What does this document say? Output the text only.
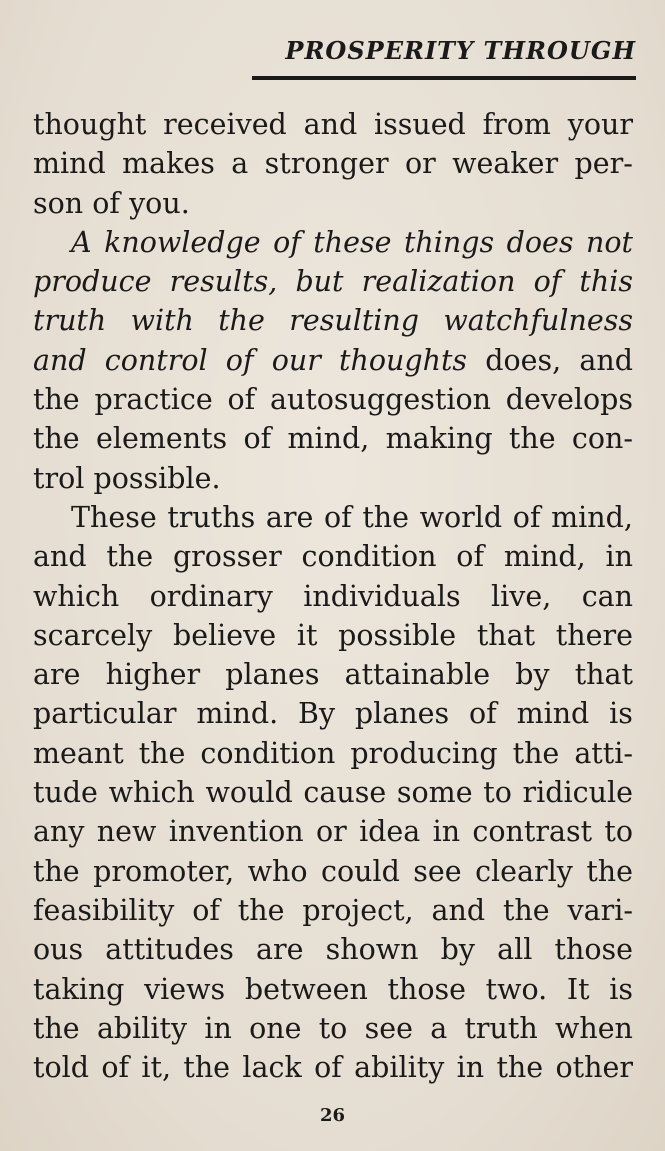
PROSPERITY THROUGH
thought received and issued from your
mind makes a stronger or weaker per-
son of you.
A knowledge of these things does not
produce results, but realization of this
truth with the resulting watchfulness
and control of our thoughts does, and
the practice of autosuggestion develops
the elements of mind, making the con-
trol possible.
These truths are of the world of mind,
and the grosser condition of mind, in
which ordinary individuals live, can
scarcely believe it possible that there
are higher planes attainable by that
particular mind. By planes of mind is
meant the condition producing the atti-
tude which would cause some to ridicule
any new invention or idea in contrast to
the promoter, who could see clearly the
feasibility of the project, and the vari-
ous attitudes are shown by all those
taking views between those two. It is
the ability in one to see a truth when
told of it, the lack of ability in the other
26
